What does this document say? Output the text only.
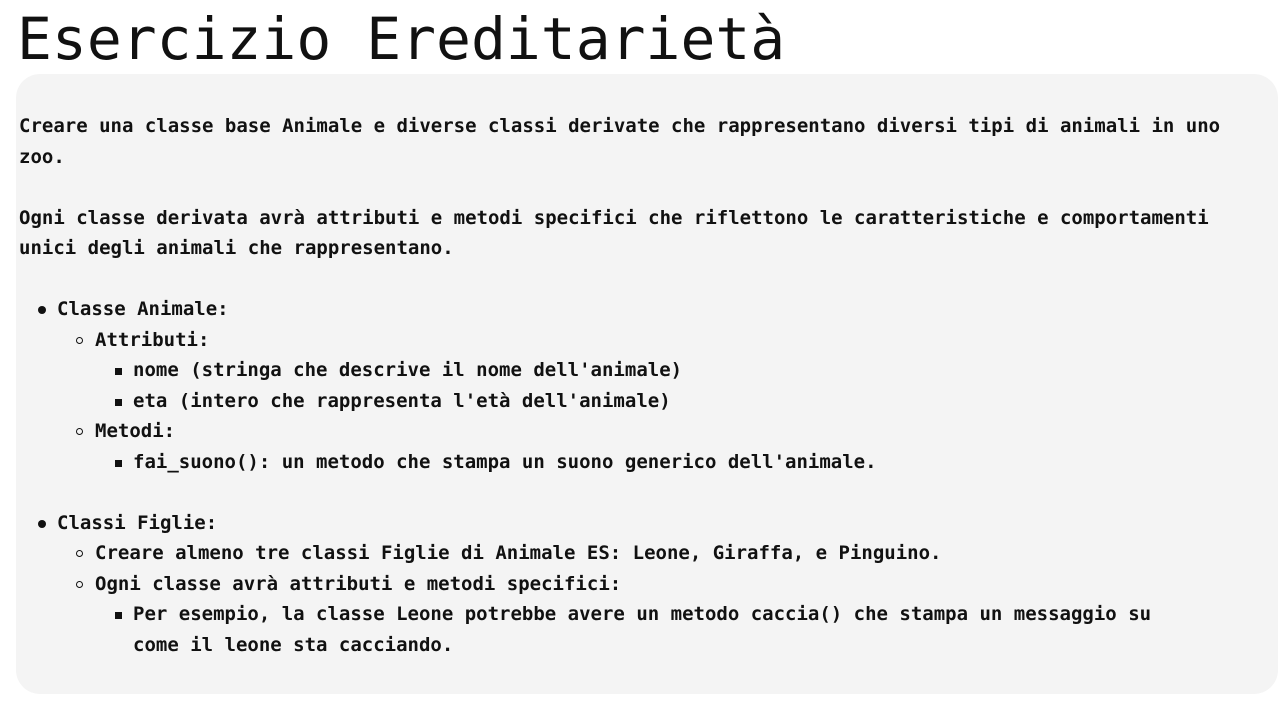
Esercizio Ereditarietà

Creare una classe base Animale e diverse classi derivate che rappresentano diversi tipi di animali in uno zoo.

Ogni classe derivata avrà attributi e metodi specifici che riflettono le caratteristiche e comportamenti unici degli animali che rappresentano.

Classe Animale:
Attributi:
nome (stringa che descrive il nome dell'animale)
eta (intero che rappresenta l'età dell'animale)
Metodi:
fai_suono(): un metodo che stampa un suono generico dell'animale.
Classi Figlie:
Creare almeno tre classi Figlie di Animale ES: Leone, Giraffa, e Pinguino.
Ogni classe avrà attributi e metodi specifici:
Per esempio, la classe Leone potrebbe avere un metodo caccia() che stampa un messaggio su come il leone sta cacciando.
